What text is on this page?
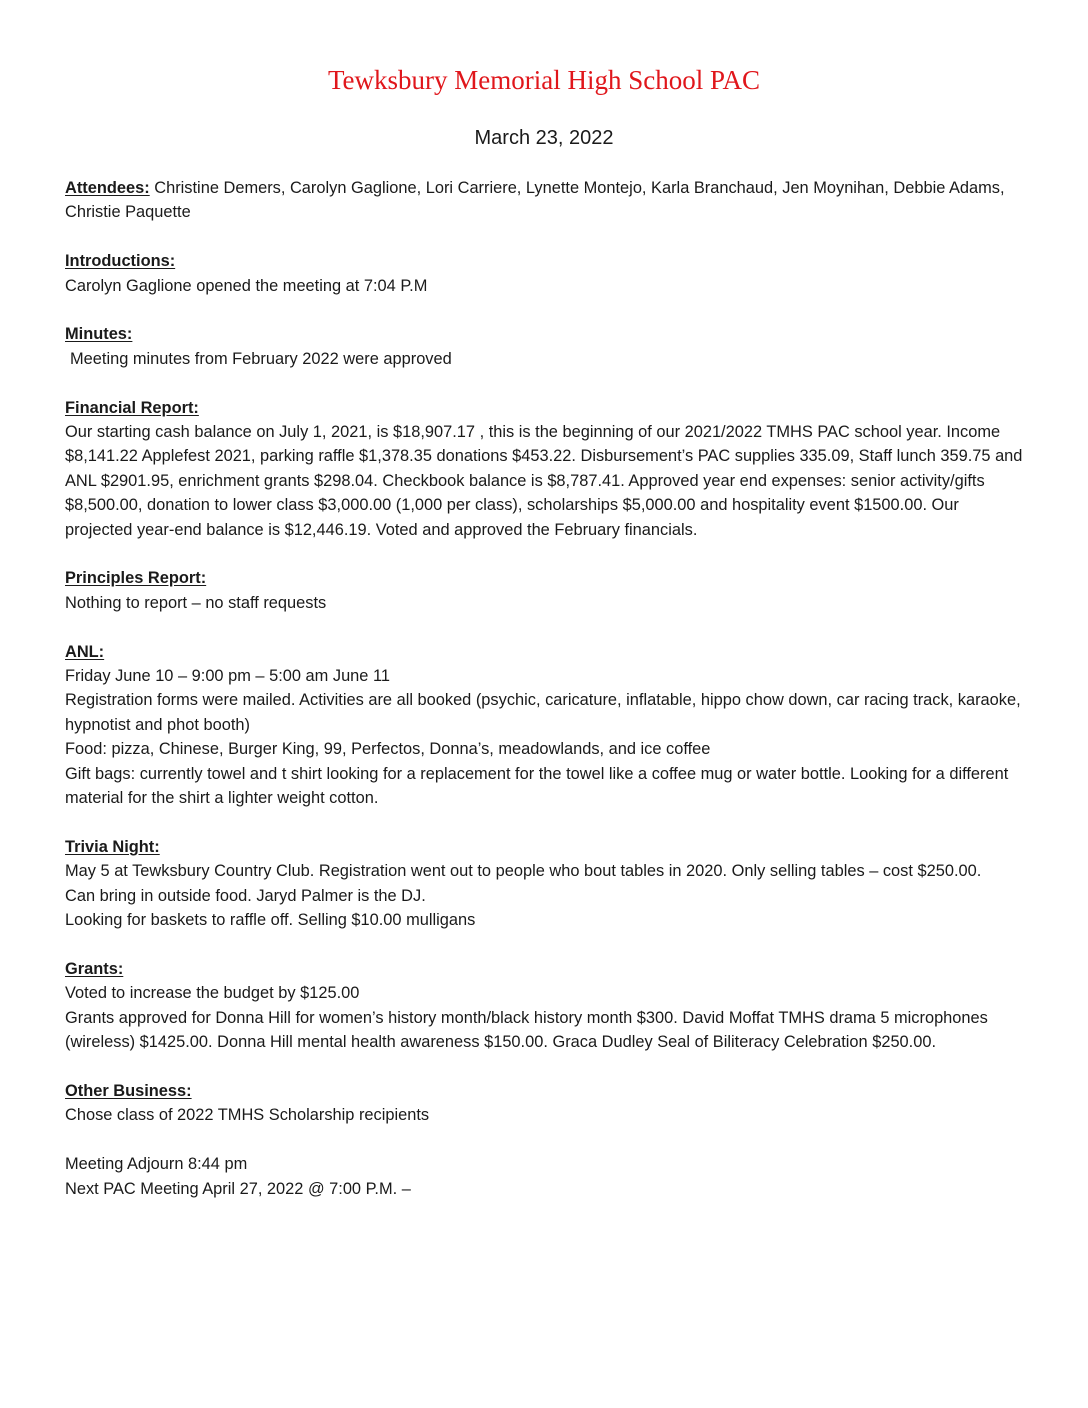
Tewksbury Memorial High School PAC
March 23, 2022

Attendees: Christine Demers, Carolyn Gaglione, Lori Carriere, Lynette Montejo, Karla Branchaud, Jen Moynihan, Debbie Adams, Christie Paquette

Introductions:

Carolyn Gaglione opened the meeting at 7:04 P.M

Minutes:

Meeting minutes from February 2022 were approved

Financial Report:

Our starting cash balance on July 1, 2021, is $18,907.17 , this is the beginning of our 2021/2022 TMHS PAC school year. Income $8,141.22 Applefest 2021, parking raffle $1,378.35 donations $453.22. Disbursement’s PAC supplies 335.09, Staff lunch 359.75 and ANL $2901.95, enrichment grants $298.04. Checkbook balance is $8,787.41. Approved year end expenses: senior activity/gifts $8,500.00, donation to lower class $3,000.00 (1,000 per class), scholarships $5,000.00 and hospitality event $1500.00. Our projected year-end balance is $12,446.19. Voted and approved the February financials.

Principles Report:

Nothing to report – no staff requests

ANL:

Friday June 10 – 9:00 pm – 5:00 am June 11

Registration forms were mailed. Activities are all booked (psychic, caricature, inflatable, hippo chow down, car racing track, karaoke, hypnotist and phot booth)

Food: pizza, Chinese, Burger King, 99, Perfectos, Donna’s, meadowlands, and ice coffee

Gift bags: currently towel and t shirt looking for a replacement for the towel like a coffee mug or water bottle. Looking for a different material for the shirt a lighter weight cotton.

Trivia Night:

May 5 at Tewksbury Country Club. Registration went out to people who bout tables in 2020. Only selling tables – cost $250.00.

Can bring in outside food. Jaryd Palmer is the DJ.

Looking for baskets to raffle off. Selling $10.00 mulligans

Grants:

Voted to increase the budget by $125.00

Grants approved for Donna Hill for women’s history month/black history month $300. David Moffat TMHS drama 5 microphones (wireless) $1425.00. Donna Hill mental health awareness $150.00. Graca Dudley Seal of Biliteracy Celebration $250.00.

Other Business:

Chose class of 2022 TMHS Scholarship recipients

Meeting Adjourn 8:44 pm

Next PAC Meeting April 27, 2022 @ 7:00 P.M. –
